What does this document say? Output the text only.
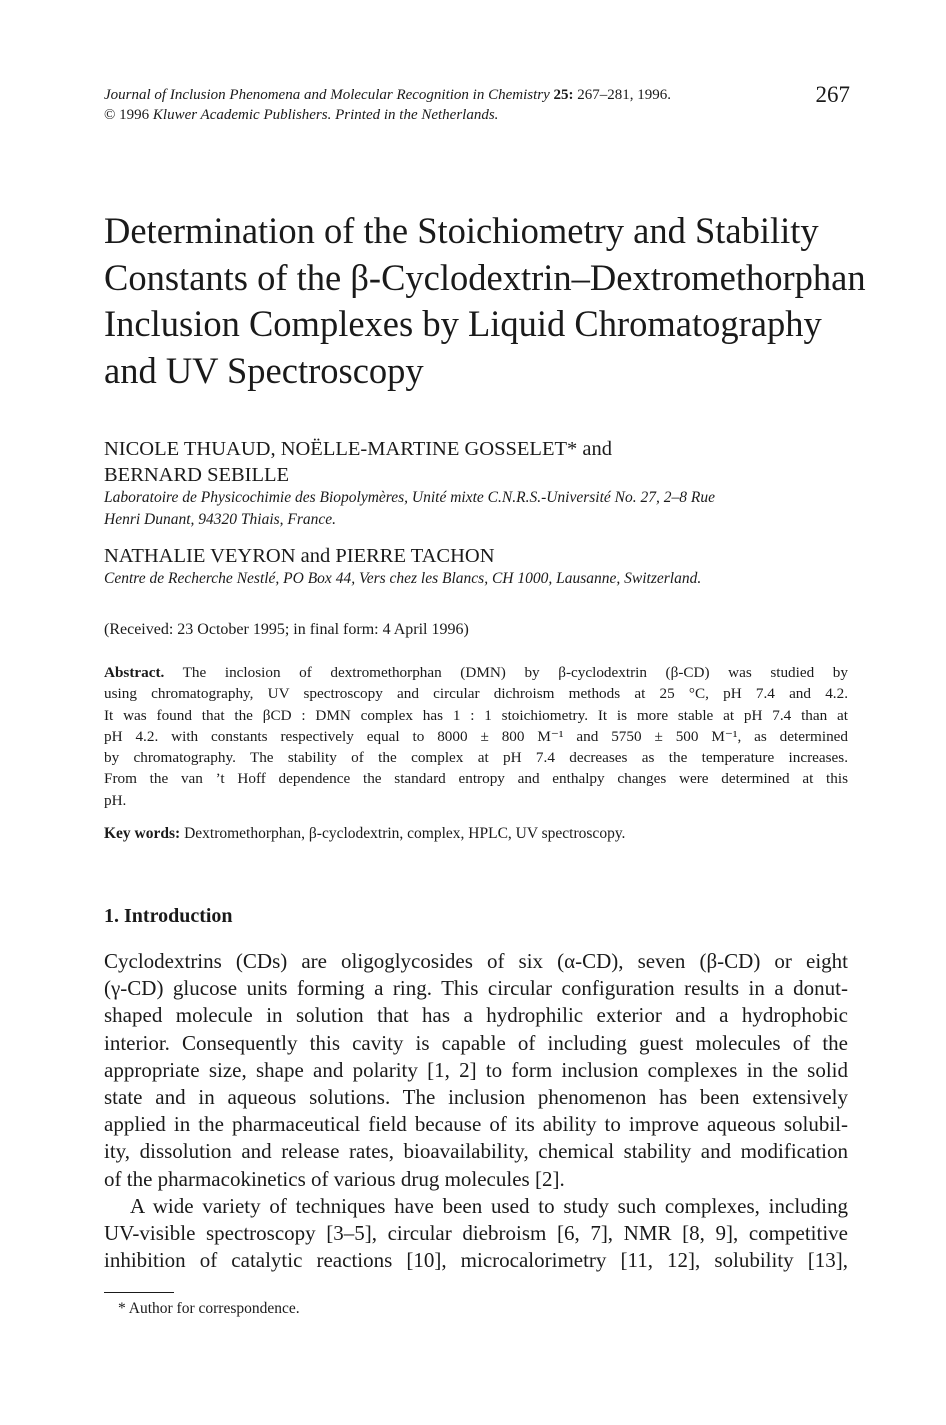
Journal of Inclusion Phenomena and Molecular Recognition in Chemistry 25: 267–281, 1996.
© 1996 Kluwer Academic Publishers. Printed in the Netherlands.
267
Determination of the Stoichiometry and Stability
Constants of the β-Cyclodextrin–Dextromethorphan
Inclusion Complexes by Liquid Chromatography
and UV Spectroscopy
NICOLE THUAUD, NOËLLE-MARTINE GOSSELET* and
BERNARD SEBILLE
Laboratoire de Physicochimie des Biopolymères, Unité mixte C.N.R.S.-Université No. 27, 2–8 Rue
Henri Dunant, 94320 Thiais, France.
NATHALIE VEYRON and PIERRE TACHON
Centre de Recherche Nestlé, PO Box 44, Vers chez les Blancs, CH 1000, Lausanne, Switzerland.
(Received: 23 October 1995; in final form: 4 April 1996)
Abstract. The inclosion of dextromethorphan (DMN) by β-cyclodextrin (β-CD) was studied by
using chromatography, UV spectroscopy and circular dichroism methods at 25 °C, pH 7.4 and 4.2.
It was found that the βCD : DMN complex has 1 : 1 stoichiometry. It is more stable at pH 7.4 than at
pH 4.2. with constants respectively equal to 8000 ± 800 M⁻¹ and 5750 ± 500 M⁻¹, as determined
by chromatography. The stability of the complex at pH 7.4 decreases as the temperature increases.
From the van ’t Hoff dependence the standard entropy and enthalpy changes were determined at this
pH.
Key words: Dextromethorphan, β-cyclodextrin, complex, HPLC, UV spectroscopy.
1. Introduction
Cyclodextrins (CDs) are oligoglycosides of six (α-CD), seven (β-CD) or eight
(γ-CD) glucose units forming a ring. This circular configuration results in a donut-
shaped molecule in solution that has a hydrophilic exterior and a hydrophobic
interior. Consequently this cavity is capable of including guest molecules of the
appropriate size, shape and polarity [1, 2] to form inclusion complexes in the solid
state and in aqueous solutions. The inclusion phenomenon has been extensively
applied in the pharmaceutical field because of its ability to improve aqueous solubil-
ity, dissolution and release rates, bioavailability, chemical stability and modification
of the pharmacokinetics of various drug molecules [2].
A wide variety of techniques have been used to study such complexes, including
UV-visible spectroscopy [3–5], circular diebroism [6, 7], NMR [8, 9], competitive
inhibition of catalytic reactions [10], microcalorimetry [11, 12], solubility [13],
* Author for correspondence.
